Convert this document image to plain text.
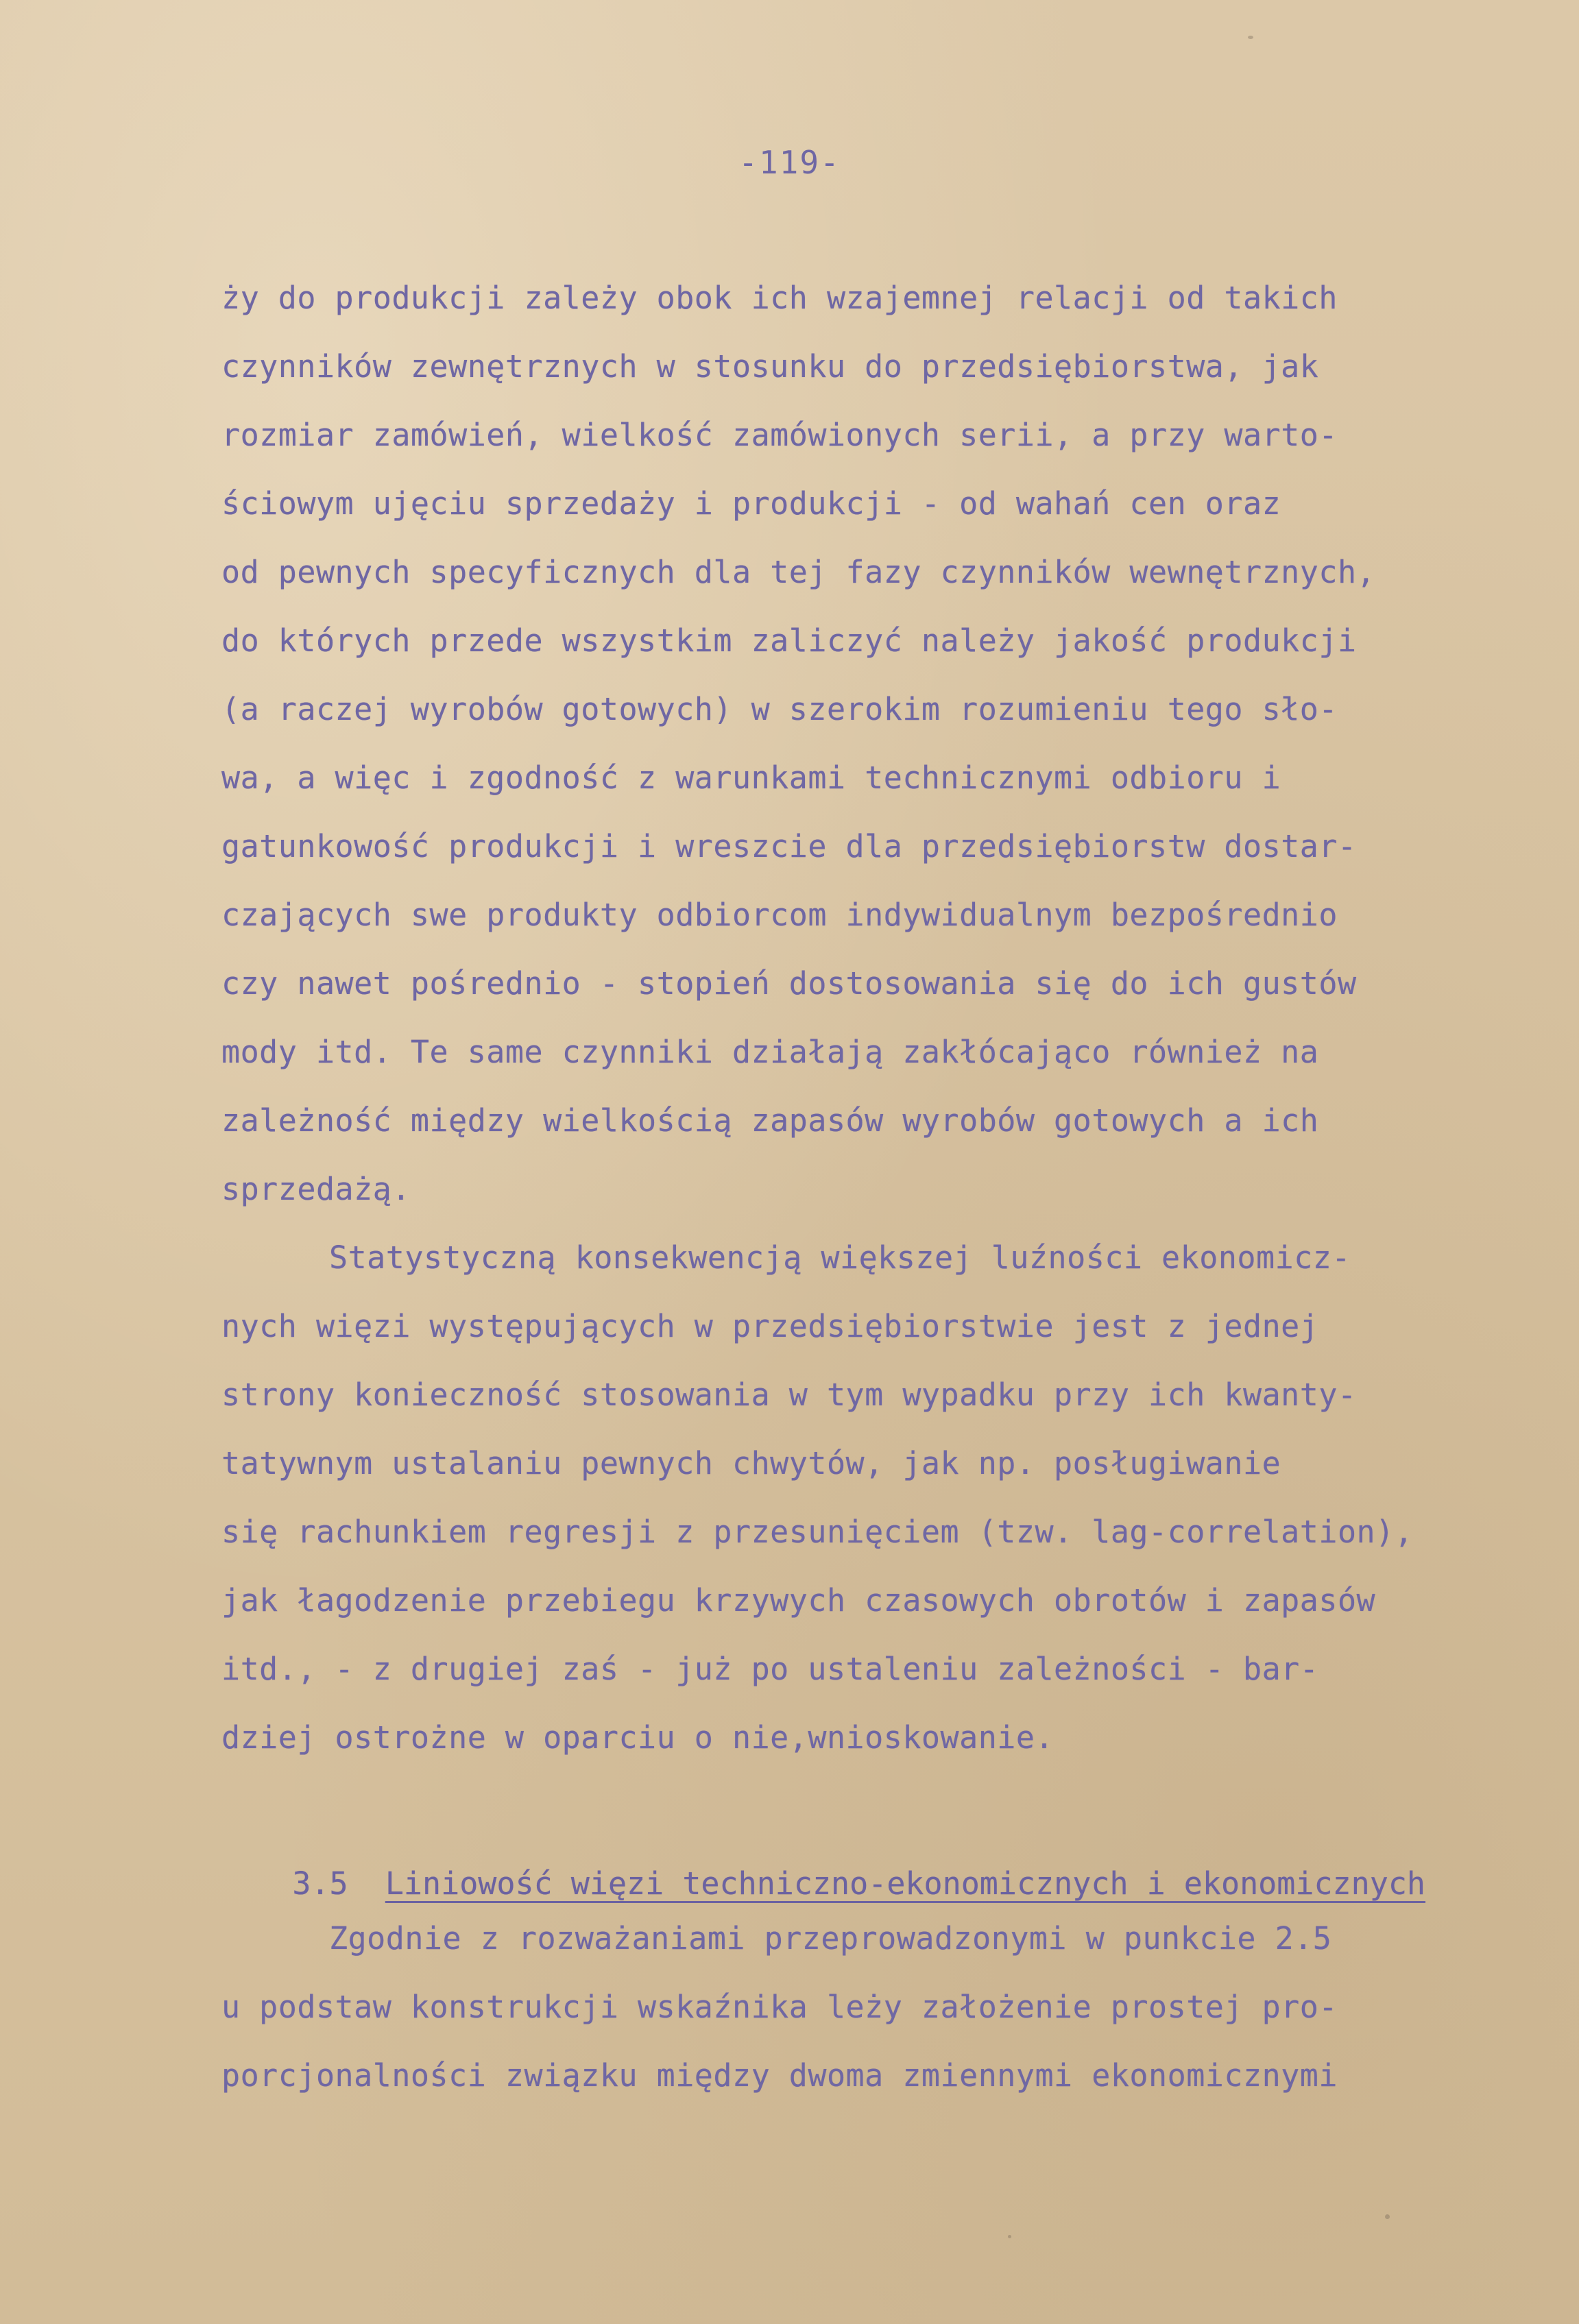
-119-
ży do produkcji zależy obok ich wzajemnej relacji od takich
czynników zewnętrznych w stosunku do przedsiębiorstwa, jak
rozmiar zamówień, wielkość zamówionych serii, a przy warto-
ściowym ujęciu sprzedaży i produkcji - od wahań cen oraz
od pewnych specyficznych dla tej fazy czynników wewnętrznych,
do których przede wszystkim zaliczyć należy jakość produkcji
(a raczej wyrobów gotowych) w szerokim rozumieniu tego sło-
wa, a więc i zgodność z warunkami technicznymi odbioru i
gatunkowość produkcji i wreszcie dla przedsiębiorstw dostar-
czających swe produkty odbiorcom indywidualnym bezpośrednio
czy nawet pośrednio - stopień dostosowania się do ich gustów
mody itd. Te same czynniki działają zakłócająco również na
zależność między wielkością zapasów wyrobów gotowych a ich
sprzedażą.
Statystyczną konsekwencją większej luźności ekonomicz-
nych więzi występujących w przedsiębiorstwie jest z jednej
strony konieczność stosowania w tym wypadku przy ich kwanty-
tatywnym ustalaniu pewnych chwytów, jak np. posługiwanie
się rachunkiem regresji z przesunięciem (tzw. lag-correlation),
jak łagodzenie przebiegu krzywych czasowych obrotów i zapasów
itd., - z drugiej zaś - już po ustaleniu zależności - bar-
dziej ostrożne w oparciu o nie,wnioskowanie.

3.5 Liniowość więzi techniczno-ekonomicznych i ekonomicznych

Zgodnie z rozważaniami przeprowadzonymi w punkcie 2.5
u podstaw konstrukcji wskaźnika leży założenie prostej pro-
porcjonalności związku między dwoma zmiennymi ekonomicznymi
